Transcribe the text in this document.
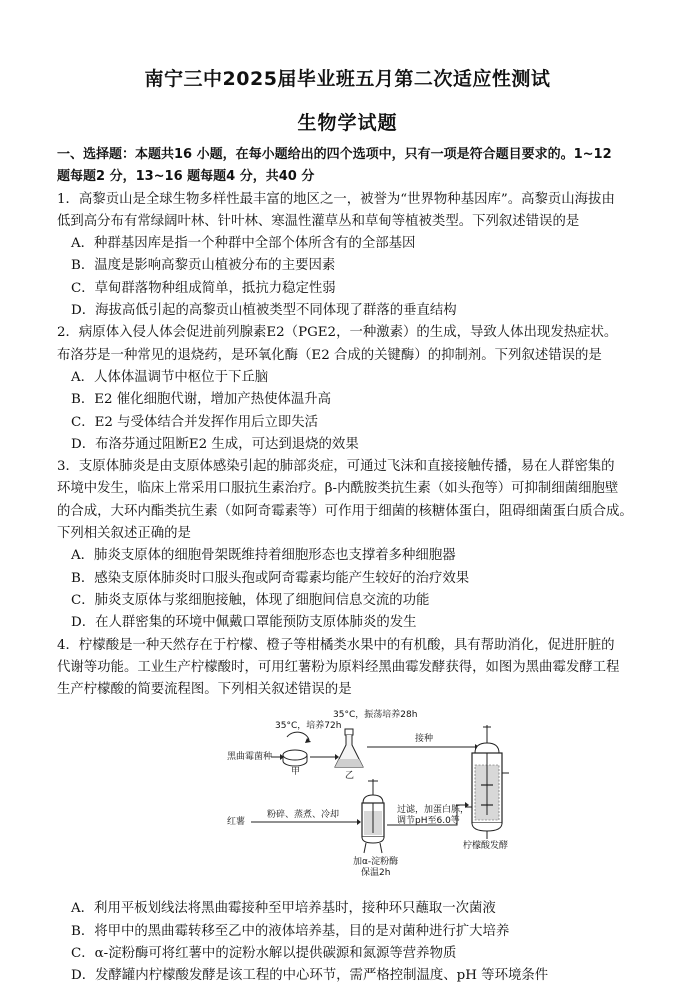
南宁三中2025届毕业班五月第二次适应性测试
生物学试题

一、选择题：本题共16 小题，在每小题给出的四个选项中，只有一项是符合题目要求的。1~12

题每题2 分，13~16 题每题4 分，共40 分

1．高黎贡山是全球生物多样性最丰富的地区之一，被誉为“世界物种基因库”。高黎贡山海拔由

低到高分布有常绿阔叶林、针叶林、寒温性灌草丛和草甸等植被类型。下列叙述错误的是

A．种群基因库是指一个种群中全部个体所含有的全部基因

B．温度是影响高黎贡山植被分布的主要因素

C．草甸群落物种组成简单，抵抗力稳定性弱

D．海拔高低引起的高黎贡山植被类型不同体现了群落的垂直结构

2．病原体入侵人体会促进前列腺素E2（PGE2，一种激素）的生成，导致人体出现发热症状。

布洛芬是一种常见的退烧药，是环氧化酶（E2 合成的关键酶）的抑制剂。下列叙述错误的是

A．人体体温调节中枢位于下丘脑

B．E2 催化细胞代谢，增加产热使体温升高

C．E2 与受体结合并发挥作用后立即失活

D．布洛芬通过阻断E2 生成，可达到退烧的效果

3．支原体肺炎是由支原体感染引起的肺部炎症，可通过飞沫和直接接触传播，易在人群密集的

环境中发生，临床上常采用口服抗生素治疗。β-内酰胺类抗生素（如头孢等）可抑制细菌细胞壁

的合成，大环内酯类抗生素（如阿奇霉素等）可作用于细菌的核糖体蛋白，阻碍细菌蛋白质合成。

下列相关叙述正确的是

A．肺炎支原体的细胞骨架既维持着细胞形态也支撑着多种细胞器

B．感染支原体肺炎时口服头孢或阿奇霉素均能产生较好的治疗效果

C．肺炎支原体与浆细胞接触，体现了细胞间信息交流的功能

D．在人群密集的环境中佩戴口罩能预防支原体肺炎的发生

4．柠檬酸是一种天然存在于柠檬、橙子等柑橘类水果中的有机酸，具有帮助消化，促进肝脏的

代谢等功能。工业生产柠檬酸时，可用红薯粉为原料经黑曲霉发酵获得，如图为黑曲霉发酵工程

生产柠檬酸的简要流程图。下列相关叙述错误的是

黑曲霉菌种
35°C，培养72h
35°C，振荡培养28h
甲	乙
接种
红薯
粉碎、蒸煮、冷却	过滤，加蛋白胨，
调节pH至6.0等
柠檬酸发酵
加α-淀粉酶
保温2h

A．利用平板划线法将黑曲霉接种至甲培养基时，接种环只蘸取一次菌液

B．将甲中的黑曲霉转移至乙中的液体培养基，目的是对菌种进行扩大培养

C．α-淀粉酶可将红薯中的淀粉水解以提供碳源和氮源等营养物质

D．发酵罐内柠檬酸发酵是该工程的中心环节，需严格控制温度、pH 等环境条件
